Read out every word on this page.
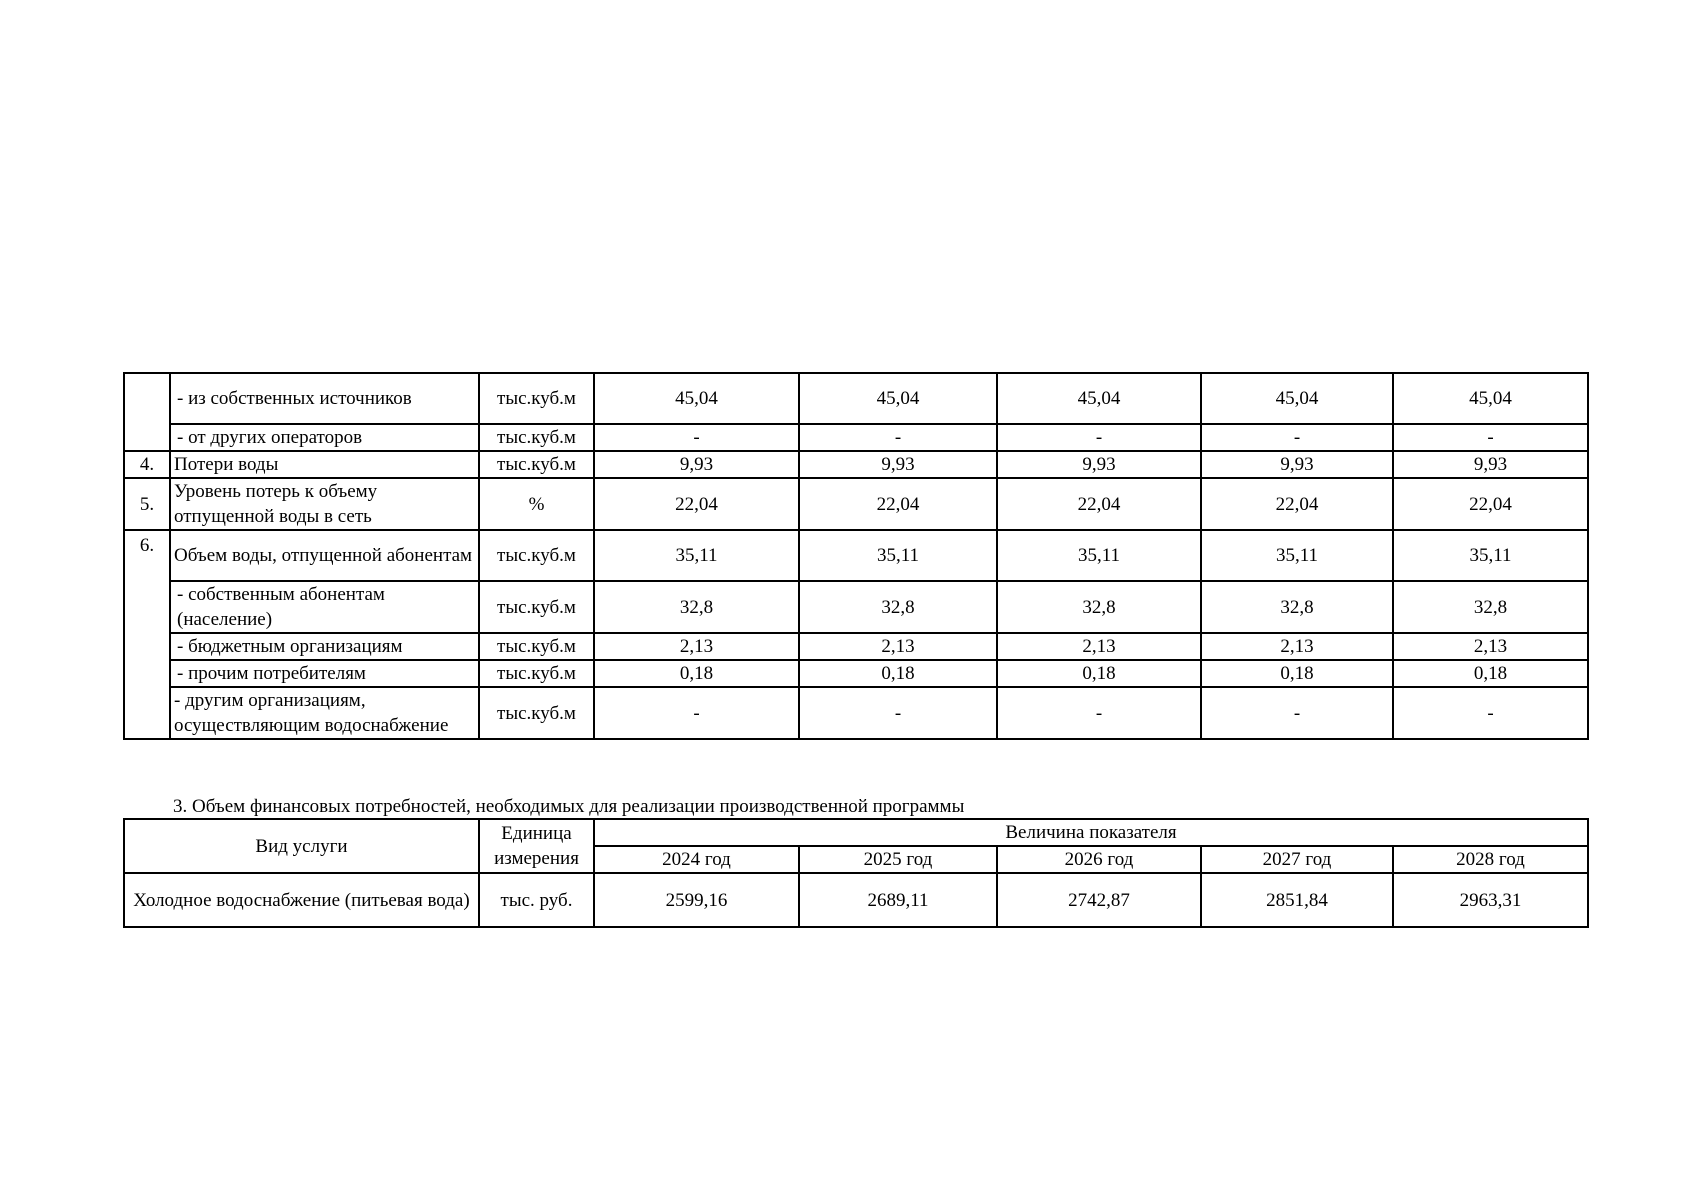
	- из собственных источников	тыс.куб.м	45,04	45,04	45,04	45,04	45,04
	- от других операторов	тыс.куб.м	-	-	-	-	-
4.	Потери воды	тыс.куб.м	9,93	9,93	9,93	9,93	9,93
5.	Уровень потерь к объему отпущенной воды в сеть	%	22,04	22,04	22,04	22,04	22,04
6.	Объем воды, отпущенной абонентам	тыс.куб.м	35,11	35,11	35,11	35,11	35,11
	- собственным абонентам (население)	тыс.куб.м	32,8	32,8	32,8	32,8	32,8
	- бюджетным организациям	тыс.куб.м	2,13	2,13	2,13	2,13	2,13
	- прочим потребителям	тыс.куб.м	0,18	0,18	0,18	0,18	0,18
	- другим организациям, осуществляющим водоснабжение	тыс.куб.м	-	-	-	-	-
3. Объем финансовых потребностей, необходимых для реализации производственной программы
Вид услуги	Единица измерения	Величина показателя				
		2024 год	2025 год	2026 год	2027 год	2028 год
Холодное водоснабжение (питьевая вода)	тыс. руб.	2599,16	2689,11	2742,87	2851,84	2963,31
